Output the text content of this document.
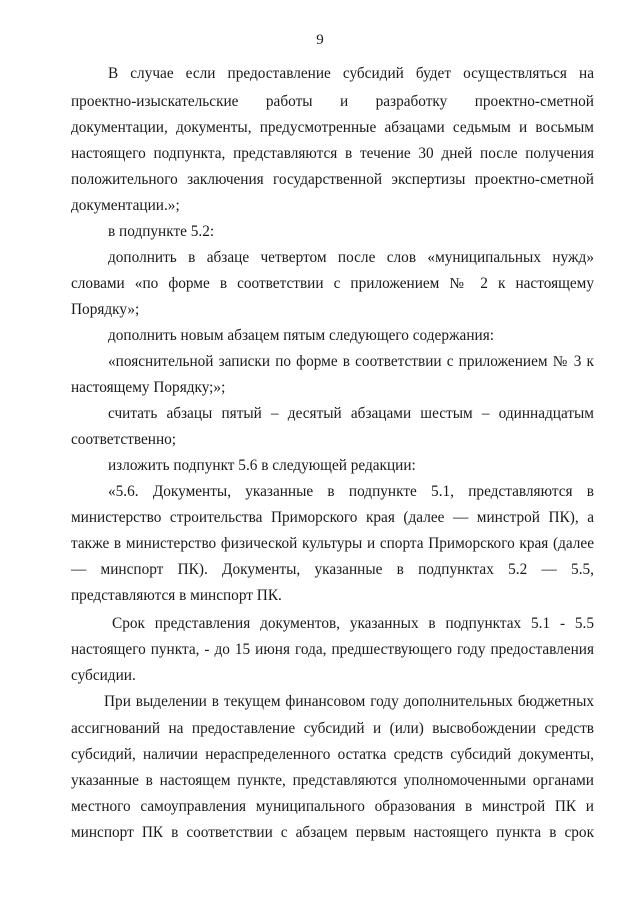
9
В случае если предоставление субсидий будет осуществляться на
проектно-изыскательские работы и разработку проектно-сметной
документации, документы, предусмотренные абзацами седьмым и восьмым
настоящего подпункта, представляются в течение 30 дней после получения
положительного заключения государственной экспертизы проектно-сметной
документации.»;
в подпункте 5.2:
дополнить в абзаце четвертом после слов «муниципальных нужд»
словами «по форме в соответствии с приложением № 2 к настоящему
Порядку»;
дополнить новым абзацем пятым следующего содержания:
«пояснительной записки по форме в соответствии с приложением № 3 к
настоящему Порядку;»;
считать абзацы пятый – десятый абзацами шестым – одиннадцатым
соответственно;
изложить подпункт 5.6 в следующей редакции:
«5.6. Документы, указанные в подпункте 5.1, представляются в
министерство строительства Приморского края (далее — минстрой ПК), а
также в министерство физической культуры и спорта Приморского края (далее
— минспорт ПК). Документы, указанные в подпунктах 5.2 — 5.5,
представляются в минспорт ПК.
Срок представления документов, указанных в подпунктах 5.1 - 5.5
настоящего пункта, - до 15 июня года, предшествующего году предоставления
субсидии.
При выделении в текущем финансовом году дополнительных бюджетных
ассигнований на предоставление субсидий и (или) высвобождении средств
субсидий, наличии нераспределенного остатка средств субсидий документы,
указанные в настоящем пункте, представляются уполномоченными органами
местного самоуправления муниципального образования в минстрой ПК и
минспорт ПК в соответствии с абзацем первым настоящего пункта в срок
